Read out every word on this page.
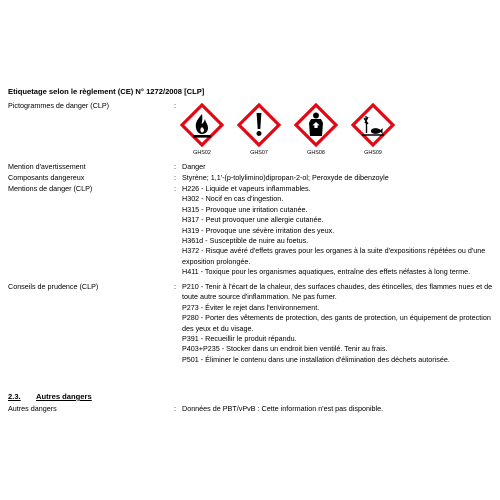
Etiquetage selon le règlement (CE) N° 1272/2008 [CLP]
Pictogrammes de danger (CLP)	:
GHS02	GHS07	GHS08	GHS09
Mention d'avertissement	: Danger
Composants dangereux	: Styrène; 1,1'-(p-tolylimino)dipropan-2-ol; Peroxyde de dibenzoyle
Mentions de danger (CLP)	: H226 - Liquide et vapeurs inflammables.
H302 - Nocif en cas d'ingestion.
H315 - Provoque une irritation cutanée.
H317 - Peut provoquer une allergie cutanée.
H319 - Provoque une sévère irritation des yeux.
H361d - Susceptible de nuire au foetus.
H372 - Risque avéré d'effets graves pour les organes à la suite d'expositions répétées ou d'une exposition prolongée.
H411 - Toxique pour les organismes aquatiques, entraîne des effets néfastes à long terme.
Conseils de prudence (CLP)	: P210 - Tenir à l'écart de la chaleur, des surfaces chaudes, des étincelles, des flammes nues et de toute autre source d'inflammation. Ne pas fumer.
P273 - Éviter le rejet dans l'environnement.
P280 - Porter des vêtements de protection, des gants de protection, un équipement de protection des yeux et du visage.
P391 - Recueillir le produit répandu.
P403+P235 - Stocker dans un endroit bien ventilé. Tenir au frais.
P501 - Éliminer le contenu dans une installation d'élimination des déchets autorisée.
2.3. Autres dangers
Autres dangers	: Données de PBT/vPvB : Cette information n'est pas disponible.
